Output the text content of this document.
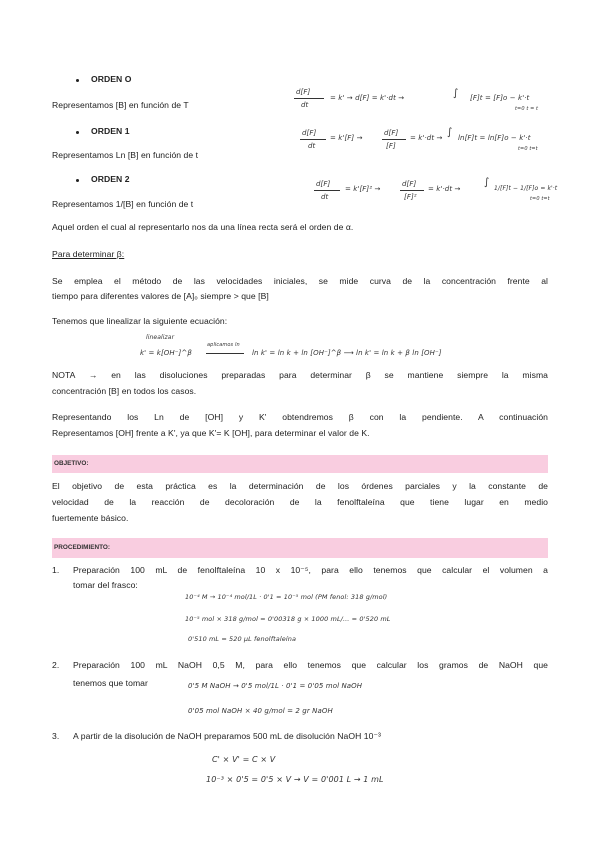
ORDEN O
Representamos [B] en función de T
ORDEN 1
Representamos Ln [B] en función de t
ORDEN 2
Representamos 1/[B] en función de t
d[F]
dt
= k' → d[F] = k'·dt →	∫ [F]t = [F]o − k'·t
t=0 t = t
d[F]
dt
= k'[F] →
d[F]
[F]
= k'·dt → ∫ ln[F]t = ln[F]o − k'·t
t=0 t=t
d[F]
dt
= k'[F]² →
d[F]
[F]²
= k'·dt →
∫
1/[F]t − 1/[F]o = k'·t
t=0 t=t
Aquel orden el cual al representarlo nos da una línea recta será el orden de α.
Para determinar β:
Se emplea el método de las velocidades iniciales, se mide curva de la concentración frente al
tiempo para diferentes valores de [A]₀ siempre > que [B]
Tenemos que linealizar la siguiente ecuación:
linealizar
k' = k[OH⁻]^β
aplicamos ln
ln k' = ln k + ln [OH⁻]^β ⟶ ln k' = ln k + β ln [OH⁻]
NOTA → en las disoluciones preparadas para determinar β se mantiene siempre la misma
concentración [B] en todos los casos.
Representando los Ln de [OH] y K' obtendremos β con la pendiente. A continuación
Representamos [OH] frente a K', ya que K'= K [OH], para determinar el valor de K.
OBJETIVO:
El objetivo de esta práctica es la determinación de los órdenes parciales y la constante de
velocidad de la reacción de decoloración de la fenolftaleína que tiene lugar en medio
fuertemente básico.
PROCEDIMIENTO:
1. Preparación 100 mL de fenolftaleína 10 x 10⁻⁵, para ello tenemos que calcular el volumen a
tomar del frasco:
10⁻⁴ M → 10⁻⁴ mol/1L · 0'1 = 10⁻⁵ mol (PM fenol: 318 g/mol)
10⁻⁵ mol × 318 g/mol = 0'00318 g × 1000 mL/... = 0'520 mL
0'510 mL = 520 µL fenolftaleína
2. Preparación 100 mL NaOH 0,5 M, para ello tenemos que calcular los gramos de NaOH que
tenemos que tomar	0'5 M NaOH → 0'5 mol/1L · 0'1 = 0'05 mol NaOH
0'05 mol NaOH × 40 g/mol = 2 gr NaOH
3. A partir de la disolución de NaOH preparamos 500 mL de disolución NaOH 10⁻³
C' × V' = C × V
10⁻³ × 0'5 = 0'5 × V → V = 0'001 L → 1 mL
